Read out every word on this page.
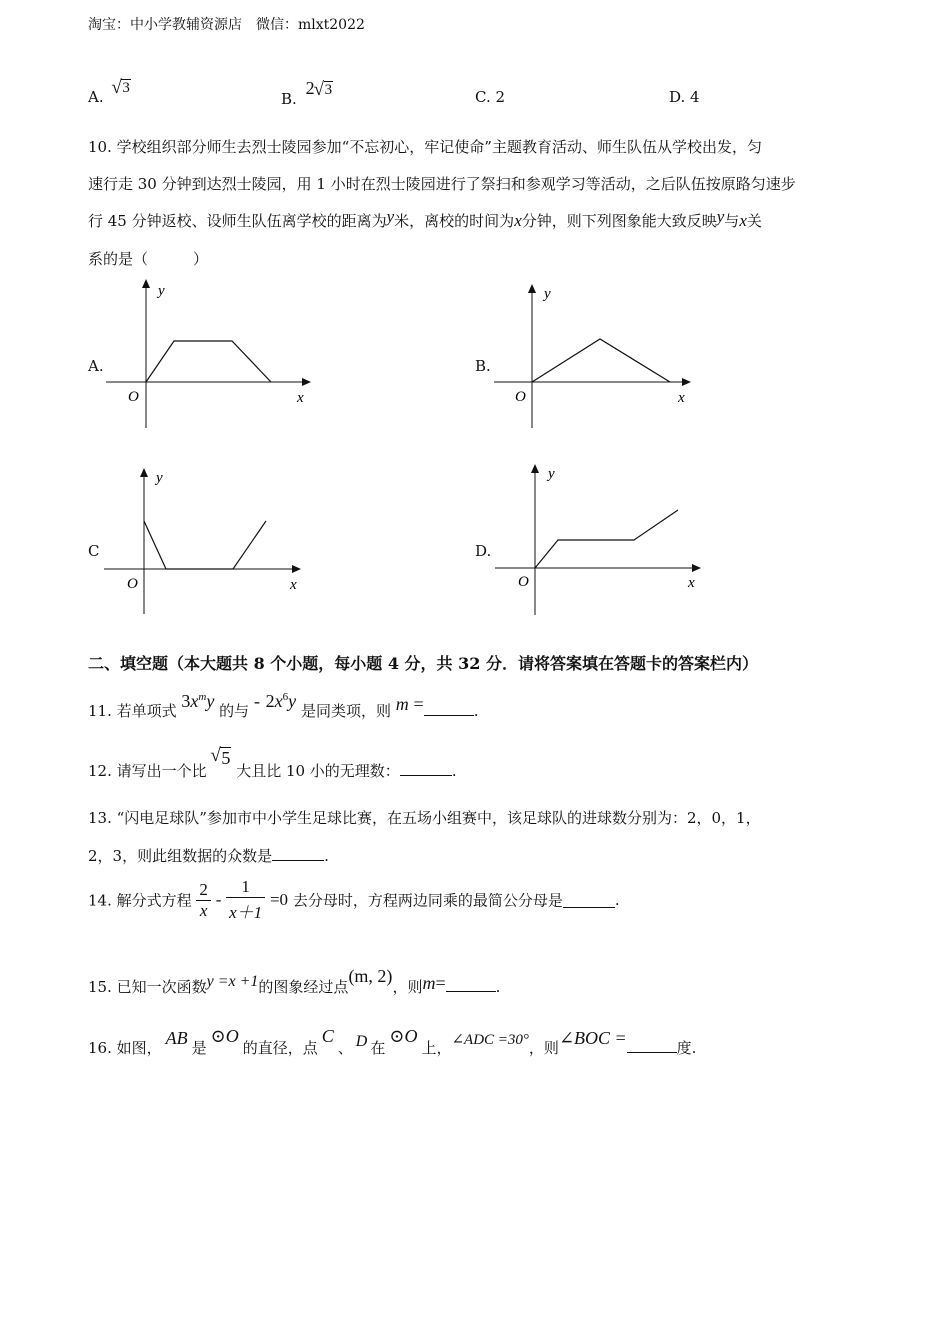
淘宝：中小学教辅资源店　微信：mlxt2022
A. √ 3
B. 2 √ 3	C. 2	D. 4
10. 学校组织部分师生去烈士陵园参加“不忘初心，牢记使命”主题教育活动、师生队伍从学校出发，匀
速行走 30 分钟到达烈士陵园，用 1 小时在烈士陵园进行了祭扫和参观学习等活动，之后队伍按原路匀速步
行 45 分钟返校、设师生队伍离学校的距离为y米，离校的时间为x分钟，则下列图象能大致反映y与x关
系的是（　　　）
A.
y
O	x
B.
y
O	x
C
y
O	x
D.
y
O	x
二、填空题（本大题共 8 个小题，每小题 4 分，共 32 分．请将答案填在答题卡的答案栏内）
11. 若单项式 $3x^my$ 的与 - $2x^6y$ 是同类项，则 m =	.
12. 请写出一个比 √ 5 大且比 10 小的无理数：	.
13. “闪电足球队”参加市中小学生足球比赛，在五场小组赛中，该足球队的进球数分别为：2，0，1，
2，3，则此组数据的众数是	.
14. 解分式方程 $\frac{2}{x} - \frac{1}{x+1} =0$ 去分母时，方程两边同乘的最简公分母是	.
15. 已知一次函数y =x +1的图象经过点(m, 2)，则m=	.
16. 如图， AB 是⊙O的直径，点C、 D 在⊙O上，∠ADC =30°，则∠BOC =	度.
